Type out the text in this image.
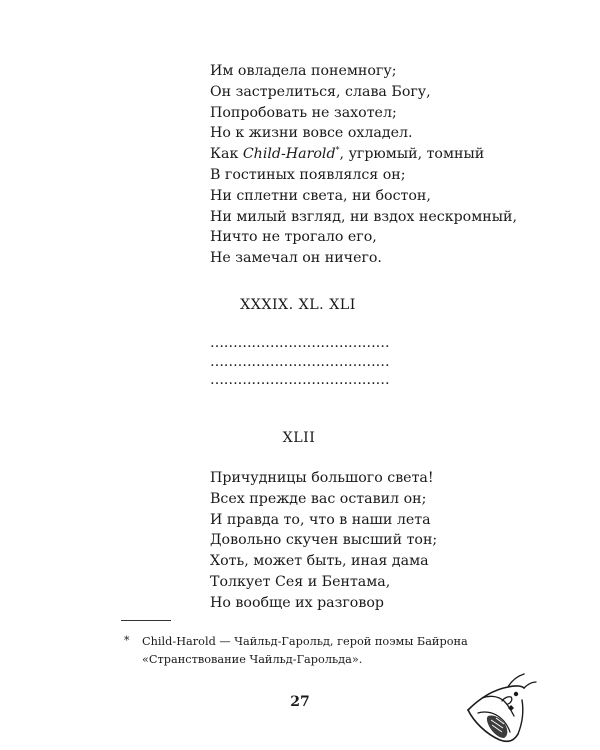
Им овладела понемногу;
Он застрелиться, слава Богу,
Попробовать не захотел;
Но к жизни вовсе охладел.
Как Child-Harold*, угрюмый, томный
В гостиных появлялся он;
Ни сплетни света, ни бостон,
Ни милый взгляд, ни вздох нескромный,
Ничто не трогало его,
Не замечал он ничего.
XXXIX. XL. XLI
…………………………………
…………………………………
…………………………………
XLII
Причудницы большого света!
Всех прежде вас оставил он;
И правда то, что в наши лета
Довольно скучен высший тон;
Хоть, может быть, иная дама
Толкует Сея и Бентама,
Но вообще их разговор
* Child-Harold — Чайльд-Гарольд, герой поэмы Байрона «Странствование Чайльд-Гарольда».

27
